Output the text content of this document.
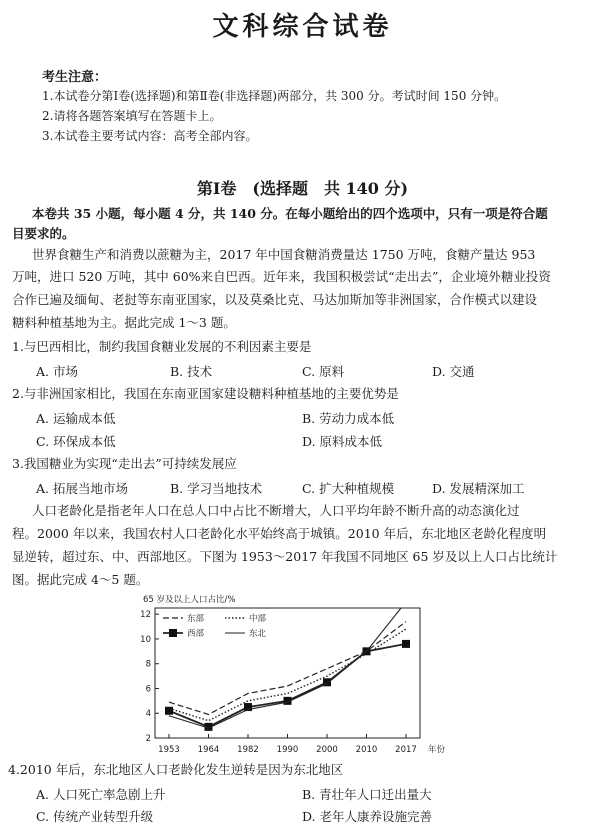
文科综合试卷
考生注意：
1.本试卷分第Ⅰ卷(选择题)和第Ⅱ卷(非选择题)两部分，共 300 分。考试时间 150 分钟。
2.请将各题答案填写在答题卡上。
3.本试卷主要考试内容：高考全部内容。
第Ⅰ卷　(选择题　共 140 分)
本卷共 35 小题，每小题 4 分，共 140 分。在每小题给出的四个选项中，只有一项是符合题
目要求的。
世界食糖生产和消费以蔗糖为主，2017 年中国食糖消费量达 1750 万吨，食糖产量达 953
万吨，进口 520 万吨，其中 60%来自巴西。近年来，我国积极尝试“走出去”，企业境外糖业投资
合作已遍及缅甸、老挝等东南亚国家，以及莫桑比克、马达加斯加等非洲国家，合作模式以建设
糖料种植基地为主。据此完成 1～3 题。
1.与巴西相比，制约我国食糖业发展的不利因素主要是
A. 市场	B. 技术	C. 原料	D. 交通
2.与非洲国家相比，我国在东南亚国家建设糖料种植基地的主要优势是
A. 运输成本低	B. 劳动力成本低
C. 环保成本低	D. 原料成本低
3.我国糖业为实现“走出去”可持续发展应
A. 拓展当地市场	B. 学习当地技术	C. 扩大种植规模	D. 发展精深加工
人口老龄化是指老年人口在总人口中占比不断增大，人口平均年龄不断升高的动态演化过
程。2000 年以来，我国农村人口老龄化水平始终高于城镇。2010 年后，东北地区老龄化程度明
显逆转，超过东、中、西部地区。下图为 1953～2017 年我国不同地区 65 岁及以上人口占比统计
图。据此完成 4～5 题。
65 岁及以上人口占比/%
年份
2
4
6
8
10
12
1953 1964 1982 1990 2000 2010 2017
东部	中部
西部	东北
4.2010 年后，东北地区人口老龄化发生逆转是因为东北地区
A. 人口死亡率急剧上升	B. 青壮年人口迁出量大
C. 传统产业转型升级	D. 老年人康养设施完善
